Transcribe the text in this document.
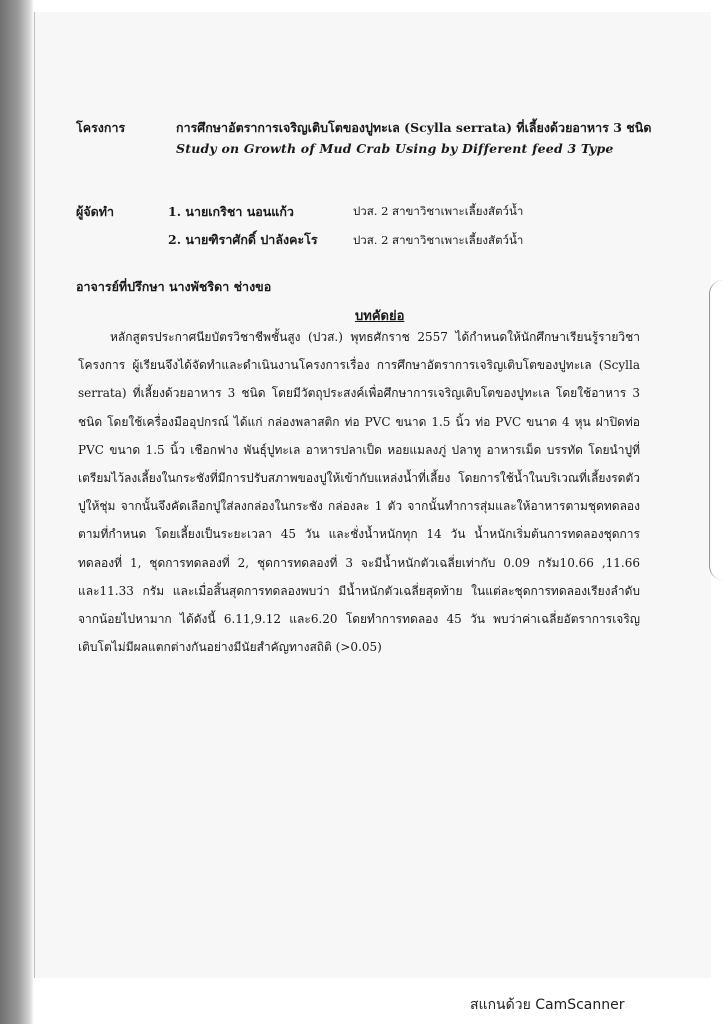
โครงการ	การศึกษาอัตราการเจริญเติบโตของปูทะเล (Scylla serrata) ที่เลี้ยงด้วยอาหาร 3 ชนิด
Study on Growth of Mud Crab Using by Different feed 3 Type
ผู้จัดทำ	1. นายเกริชา นอนแก้ว	ปวส. 2 สาขาวิชาเพาะเลี้ยงสัตว์น้ำ
2. นายฑิราศักดิ์ ปาลังคะโร	ปวส. 2 สาขาวิชาเพาะเลี้ยงสัตว์น้ำ
อาจารย์ที่ปรึกษา นางพัชริดา ช่างขอ
บทคัดย่อ

หลักสูตรประกาศนียบัตรวิชาชีพชั้นสูง (ปวส.) พุทธศักราช 2557 ได้กำหนดให้นักศึกษาเรียนรู้รายวิชาโครงการ ผู้เรียนจึงได้จัดทำและดำเนินงานโครงการเรื่อง การศึกษาอัตราการเจริญเติบโตของปูทะเล (Scylla serrata) ที่เลี้ยงด้วยอาหาร 3 ชนิด โดยมีวัตถุประสงค์เพื่อศึกษาการเจริญเติบโตของปูทะเล โดยใช้อาหาร 3 ชนิด โดยใช้เครื่องมืออุปกรณ์ ได้แก่ กล่องพลาสติก ท่อ PVC ขนาด 1.5 นิ้ว ท่อ PVC ขนาด 4 หุน ฝาปิดท่อ PVC ขนาด 1.5 นิ้ว เชือกฟาง พันธุ์ปูทะเล อาหารปลาเป็ด หอยแมลงภู่ ปลาทู อาหารเม็ด บรรทัด โดยนำปูที่เตรียมไว้ลงเลี้ยงในกระชังที่มีการปรับสภาพของปูให้เข้ากับแหล่งน้ำที่เลี้ยง โดยการใช้น้ำในบริเวณที่เลี้ยงรดตัวปูให้ชุ่ม จากนั้นจึงคัดเลือกปูใส่ลงกล่องในกระชัง กล่องละ 1 ตัว จากนั้นทำการสุ่มและให้อาหารตามชุดทดลองตามที่กำหนด โดยเลี้ยงเป็นระยะเวลา 45 วัน และชั่งน้ำหนักทุก 14 วัน น้ำหนักเริ่มต้นการทดลองชุดการทดลองที่ 1, ชุดการทดลองที่ 2, ชุดการทดลองที่ 3 จะมีน้ำหนักตัวเฉลี่ยเท่ากับ 0.09 กรัม10.66 ,11.66 และ11.33 กรัม และเมื่อสิ้นสุดการทดลองพบว่า มีน้ำหนักตัวเฉลี่ยสุดท้าย ในแต่ละชุดการทดลองเรียงลำดับจากน้อยไปหามาก ได้ดังนี้ 6.11,9.12 และ6.20 โดยทำการทดลอง 45 วัน พบว่าค่าเฉลี่ยอัตราการเจริญเติบโตไม่มีผลแตกต่างกันอย่างมีนัยสำคัญทางสถิติ (>0.05)

สแกนด้วย CamScanner
